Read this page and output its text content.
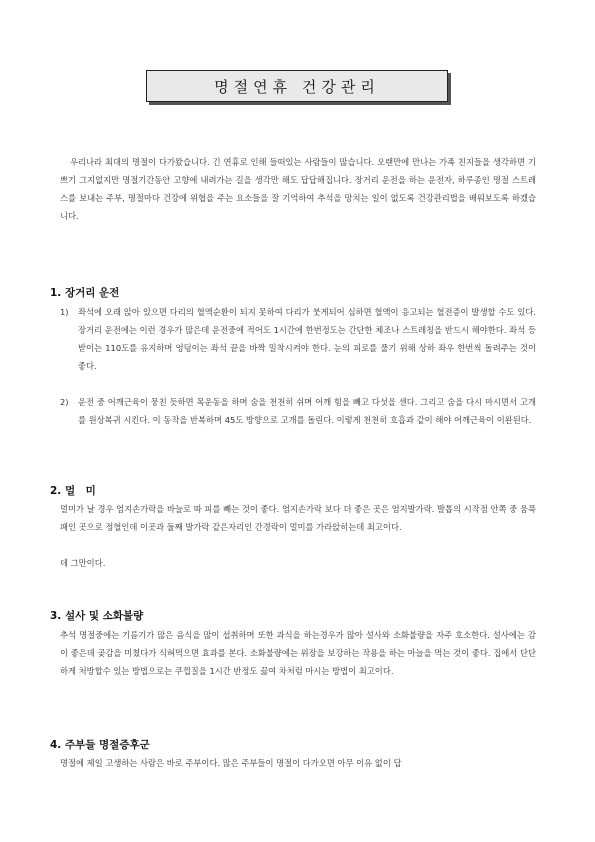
명절연휴 건강관리

우리나라 최대의 명절이 다가왔습니다. 긴 연휴로 인해 들떠있는 사람들이 많습니다. 오랜만에 만나는 가족 친지들을 생각하면 기쁘기 그지없지만 명절기간동안 고향에 내려가는 길을 생각만 해도 답답해집니다. 장거리 운전을 하는 운전자, 하루종인 명절 스트레스를 보내는 주부, 명절마다 건강에 위협을 주는 요소들을 잘 기억하여 추석을 망치는 일이 없도록 건강관리법을 배워보도록 하겠습니다.

1. 장거리 운전
1)	좌석에 오래 앉아 있으면 다리의 혈액순환이 되지 못하여 다리가 붓게되어 심하면 혈액이 응고되는 혈전증이 발생할 수도 있다. 장거리 운전에는 이런 경우가 많은데 운전중에 적어도 1시간에 한번정도는 간단한 체조나 스트레칭을 반드시 해야한다. 좌석 등받이는 110도를 유지하며 엉덩이는 좌석 끝을 바짝 밀착시켜야 한다. 눈의 피로를 풀기 위해 상하 좌우 한번씩 돌려주는 것이 좋다.
2)	운전 중 어깨근육이 뭉친 듯하면 목운동을 하며 숨을 천천히 쉬며 어깨 힘을 빼고 다섯을 센다. 그리고 숨을 다시 마시면서 고개를 원상복귀 시킨다. 이 동작을 반복하며 45도 방향으로 고개를 돌린다. 이렇게 천천히 호흡과 같이 해야 어깨근육이 이완된다.
2. 멀　미

멀미가 날 경우 엄지손가락을 바늘로 따 피를 빼는 것이 좋다. 엄지손가락 보다 더 좋은 곳은 엄지발가락. 발톱의 시작점 안쪽 중 움푹 패인 곳으로 정혈인데 이곳과 둘째 발가락 같은자리인 간경락이 멀미를 가라앉히는데 최고이다.

데 그만이다.

3. 설사 및 소화불량

추석 명절중에는 기름기가 많은 음식을 많이 섭취하며 또한 과식을 하는경우가 많아 설사와 소화불량을 자주 호소한다. 설사에는 감이 좋은데 곶감을 미쳤다가 식혀먹으면 효과를 본다. 소화불량에는 위장을 보강하는 작용을 하는 마늘을 먹는 것이 좋다. 집에서 단단하게 처방할수 있는 방법으로는 쿠껍질을 1시간 반정도 끓여 차처럼 마시는 방법이 최고이다.

4. 주부들 명절증후군

명절에 제일 고생하는 사람은 바로 주부이다. 많은 주부들이 명절이 다가오면 아무 이유 없이 답
